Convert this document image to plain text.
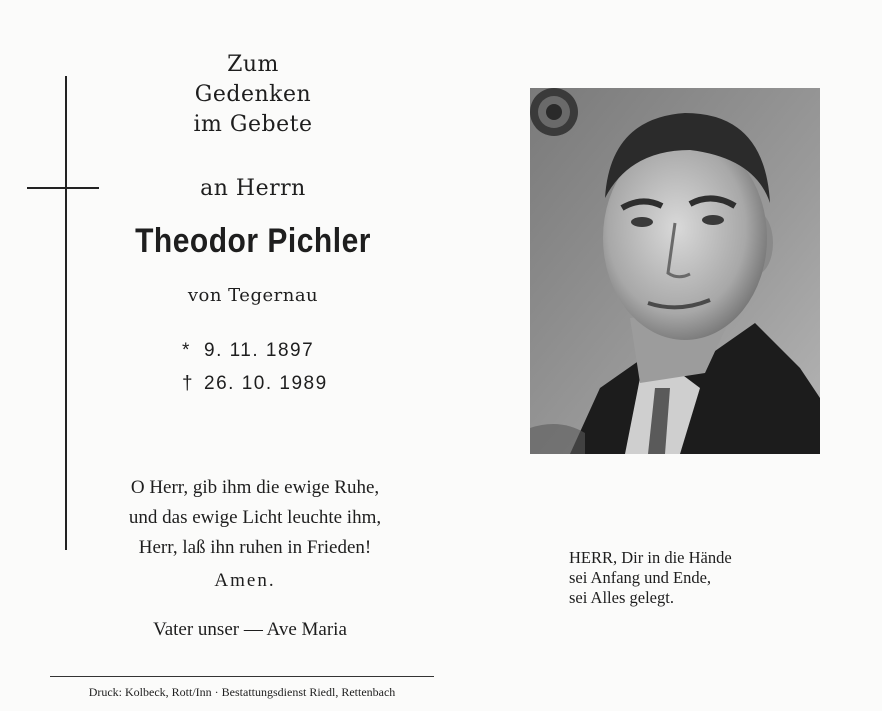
Zum
Gedenken
im Gebete
an Herrn
Theodor Pichler
von Tegernau
* 9. 11. 1897
† 26. 10. 1989
O Herr, gib ihm die ewige Ruhe,
und das ewige Licht leuchte ihm,
Herr, laß ihn ruhen in Frieden!
Amen.
Vater unser — Ave Maria
Druck: Kolbeck, Rott/Inn · Bestattungsdienst Riedl, Rettenbach
HERR, Dir in die Hände
sei Anfang und Ende,
sei Alles gelegt.
